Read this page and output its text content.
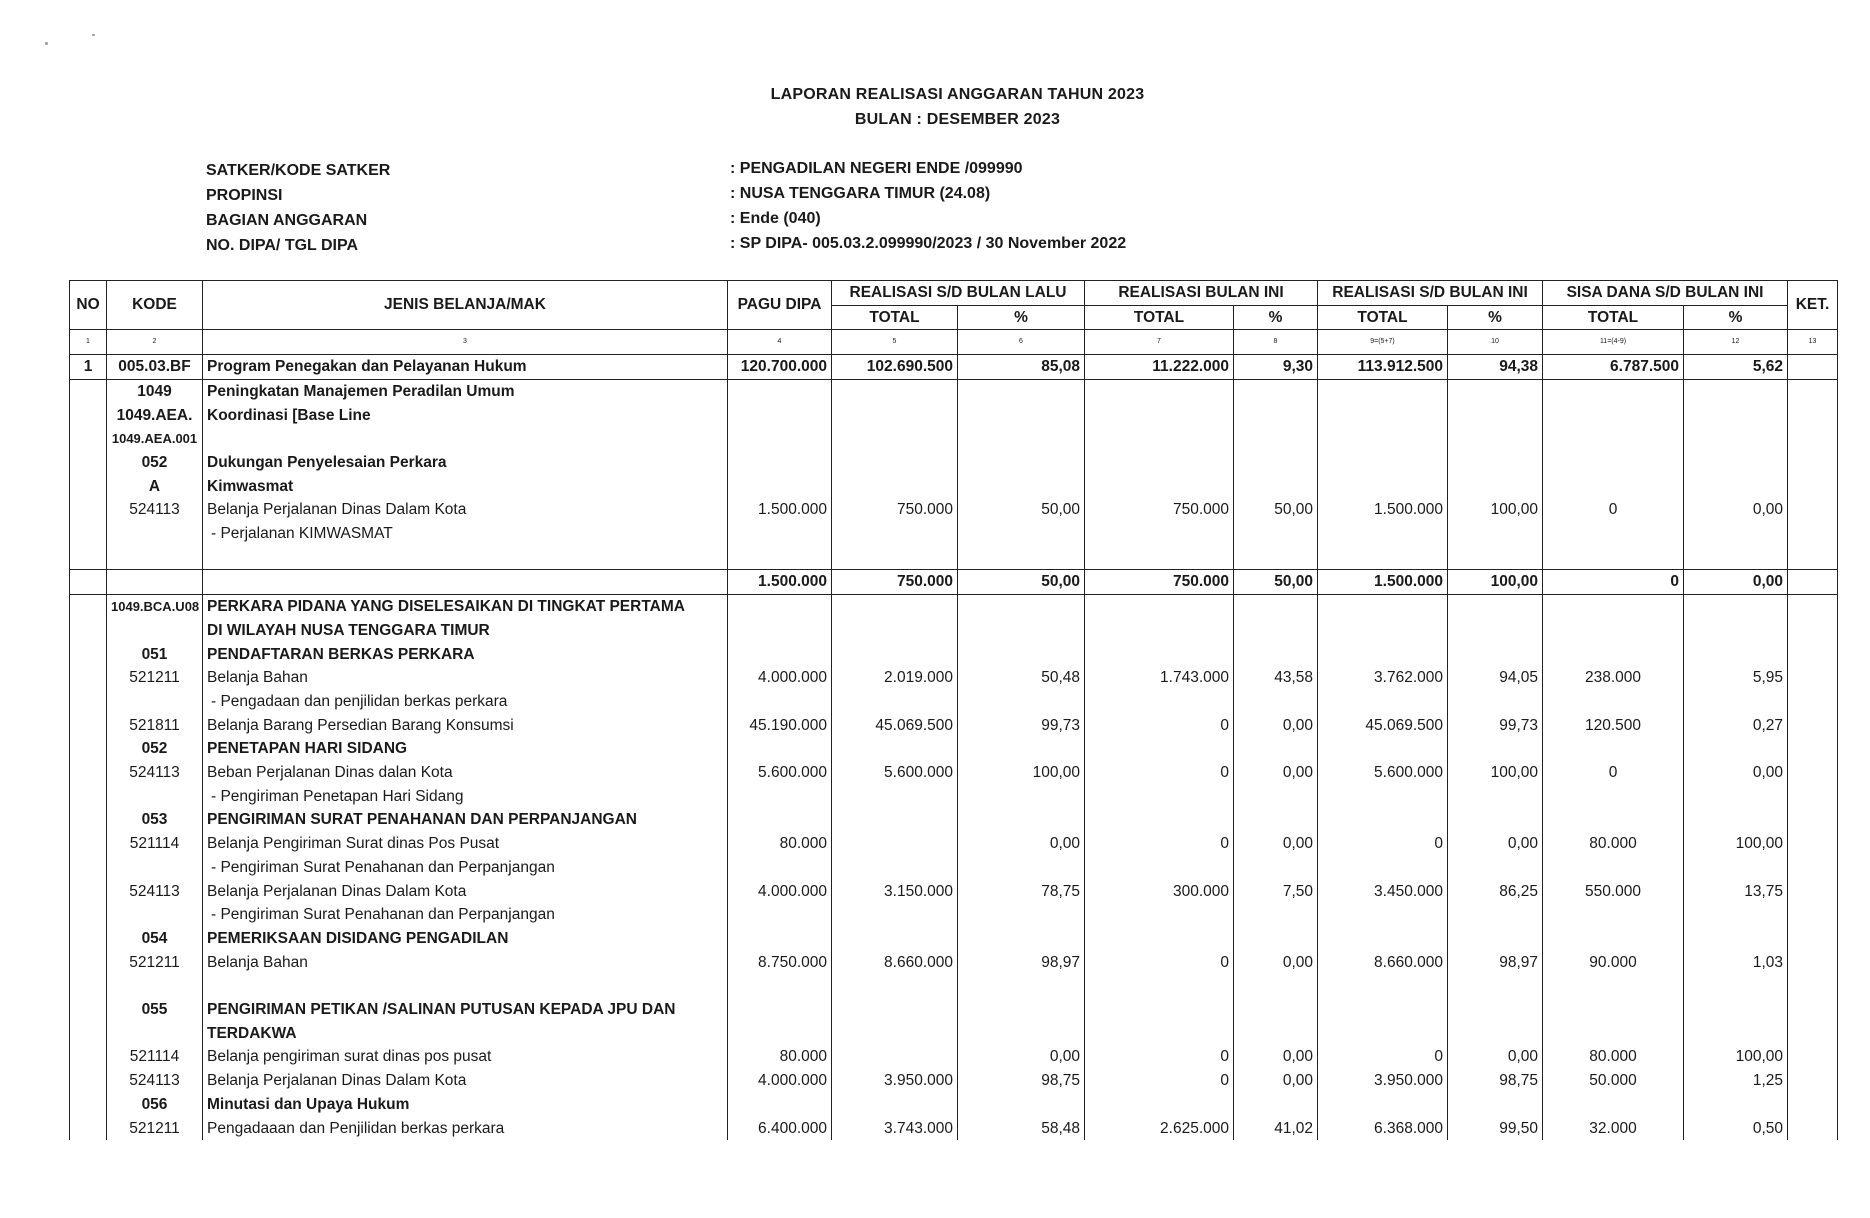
LAPORAN REALISASI ANGGARAN TAHUN 2023
BULAN : DESEMBER 2023
SATKER/KODE SATKER	: PENGADILAN NEGERI ENDE /099990
PROPINSI	: NUSA TENGGARA TIMUR (24.08)
BAGIAN ANGGARAN	: Ende (040)
NO. DIPA/ TGL DIPA	: SP DIPA- 005.03.2.099990/2023 / 30 November 2022
NO	KODE	JENIS BELANJA/MAK	PAGU DIPA	REALISASI S/D BULAN LALU		REALISASI BULAN INI		REALISASI S/D BULAN INI		SISA DANA S/D BULAN INI		KET.
				TOTAL	%	TOTAL	%	TOTAL	%	TOTAL	%	
1	2	3	4	5	6	7	8	9=(5+7)	10	11=(4-9)	12	13
1	005.03.BF	Program Penegakan dan Pelayanan Hukum	120.700.000	102.690.500	85,08	11.222.000	9,30	113.912.500	94,38	6.787.500	5,62	
	1049	Peningkatan Manajemen Peradilan Umum										
	1049.AEA.	Koordinasi [Base Line										
	1049.AEA.001											
	052	Dukungan Penyelesaian Perkara										
	A	Kimwasmat										
	524113	Belanja Perjalanan Dinas Dalam Kota	1.500.000	750.000	50,00	750.000	50,00	1.500.000	100,00	0	0,00	
		- Perjalanan KIMWASMAT										

			1.500.000	750.000	50,00	750.000	50,00	1.500.000	100,00	0	0,00	
	1049.BCA.U08	PERKARA PIDANA YANG DISELESAIKAN DI TINGKAT PERTAMA										
		DI WILAYAH NUSA TENGGARA TIMUR										
	051	PENDAFTARAN BERKAS PERKARA										
	521211	Belanja Bahan	4.000.000	2.019.000	50,48	1.743.000	43,58	3.762.000	94,05	238.000	5,95	
		- Pengadaan dan penjilidan berkas perkara										
	521811	Belanja Barang Persedian Barang Konsumsi	45.190.000	45.069.500	99,73	0	0,00	45.069.500	99,73	120.500	0,27	
	052	PENETAPAN HARI SIDANG										
	524113	Beban Perjalanan Dinas dalan Kota	5.600.000	5.600.000	100,00	0	0,00	5.600.000	100,00	0	0,00	
		- Pengiriman Penetapan Hari Sidang										
	053	PENGIRIMAN SURAT PENAHANAN DAN PERPANJANGAN										
	521114	Belanja Pengiriman Surat dinas Pos Pusat	80.000		0,00	0	0,00	0	0,00	80.000	100,00	
		- Pengiriman Surat Penahanan dan Perpanjangan										
	524113	Belanja Perjalanan Dinas Dalam Kota	4.000.000	3.150.000	78,75	300.000	7,50	3.450.000	86,25	550.000	13,75	
		- Pengiriman Surat Penahanan dan Perpanjangan										
	054	PEMERIKSAAN DISIDANG PENGADILAN										
	521211	Belanja Bahan	8.750.000	8.660.000	98,97	0	0,00	8.660.000	98,97	90.000	1,03	

	055	PENGIRIMAN PETIKAN /SALINAN PUTUSAN KEPADA JPU DAN										
		TERDAKWA										
	521114	Belanja pengiriman surat dinas pos pusat	80.000		0,00	0	0,00	0	0,00	80.000	100,00	
	524113	Belanja Perjalanan Dinas Dalam Kota	4.000.000	3.950.000	98,75	0	0,00	3.950.000	98,75	50.000	1,25	
	056	Minutasi dan Upaya Hukum										
	521211	Pengadaaan dan Penjilidan berkas perkara	6.400.000	3.743.000	58,48	2.625.000	41,02	6.368.000	99,50	32.000	0,50	
